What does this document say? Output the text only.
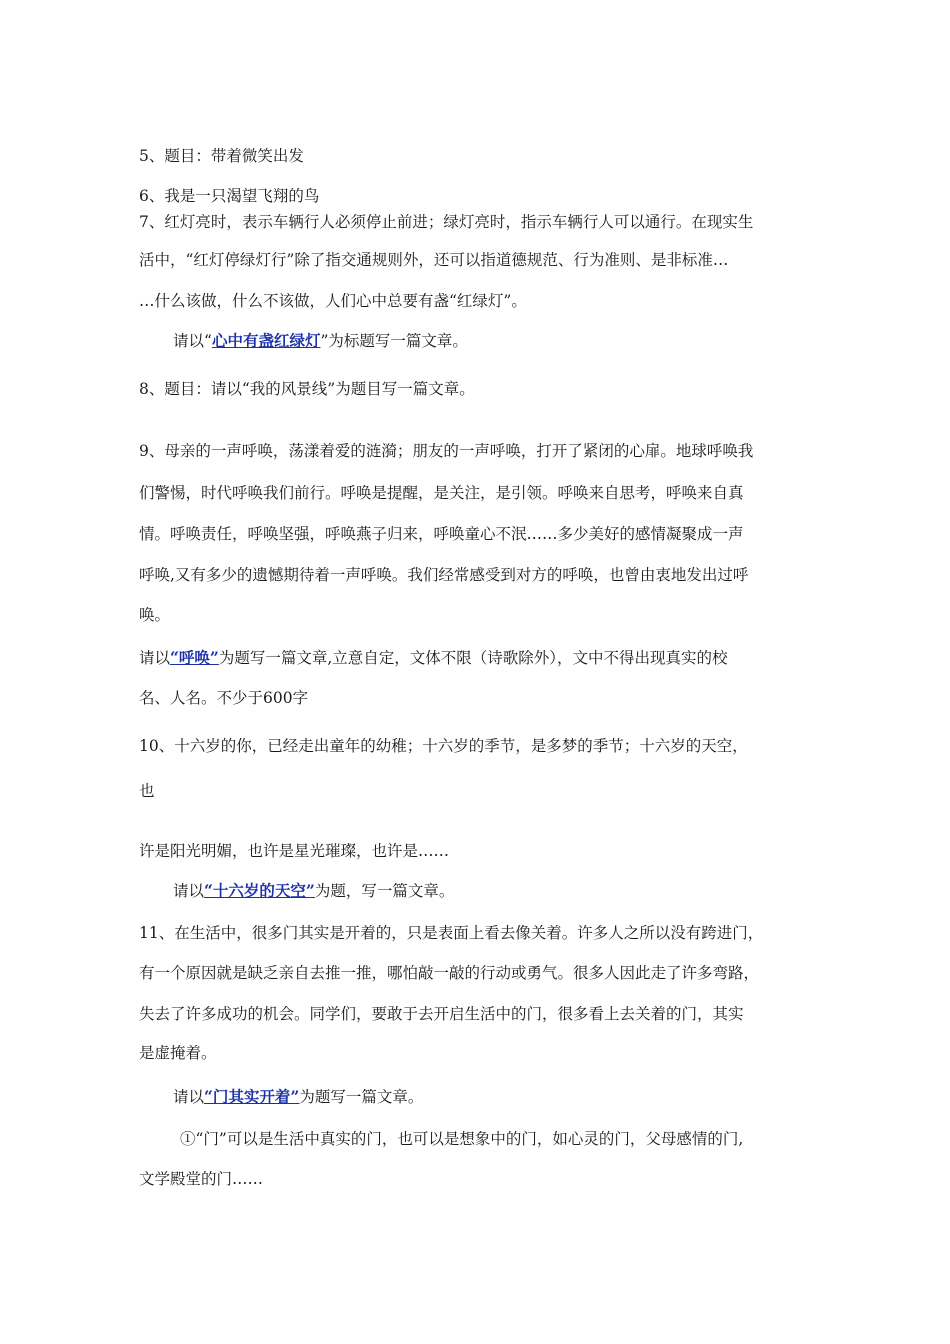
5、题目：带着微笑出发
6、我是一只渴望飞翔的鸟
7、红灯亮时，表示车辆行人必须停止前进；绿灯亮时，指示车辆行人可以通行。在现实生
活中，“红灯停绿灯行”除了指交通规则外，还可以指道德规范、行为准则、是非标准…
…什么该做，什么不该做，人们心中总要有盏“红绿灯”。
请以“心中有盏红绿灯”为标题写一篇文章。
8、题目：请以“我的风景线”为题目写一篇文章。
9、母亲的一声呼唤，荡漾着爱的涟漪；朋友的一声呼唤，打开了紧闭的心扉。地球呼唤我
们警惕，时代呼唤我们前行。呼唤是提醒，是关注，是引领。呼唤来自思考，呼唤来自真
情。呼唤责任，呼唤坚强，呼唤燕子归来，呼唤童心不泯……多少美好的感情凝聚成一声
呼唤,又有多少的遗憾期待着一声呼唤。我们经常感受到对方的呼唤，也曾由衷地发出过呼
唤。
请以“呼唤”为题写一篇文章,立意自定，文体不限（诗歌除外），文中不得出现真实的校
名、人名。不少于600字
10、十六岁的你，已经走出童年的幼稚；十六岁的季节，是多梦的季节；十六岁的天空，
也
许是阳光明媚，也许是星光璀璨，也许是……
请以“十六岁的天空”为题，写一篇文章。
11、在生活中，很多门其实是开着的，只是表面上看去像关着。许多人之所以没有跨进门，
有一个原因就是缺乏亲自去推一推，哪怕敲一敲的行动或勇气。很多人因此走了许多弯路，
失去了许多成功的机会。同学们，要敢于去开启生活中的门，很多看上去关着的门，其实
是虚掩着。
请以“门其实开着”为题写一篇文章。
①“门”可以是生活中真实的门，也可以是想象中的门，如心灵的门，父母感情的门,
文学殿堂的门……
